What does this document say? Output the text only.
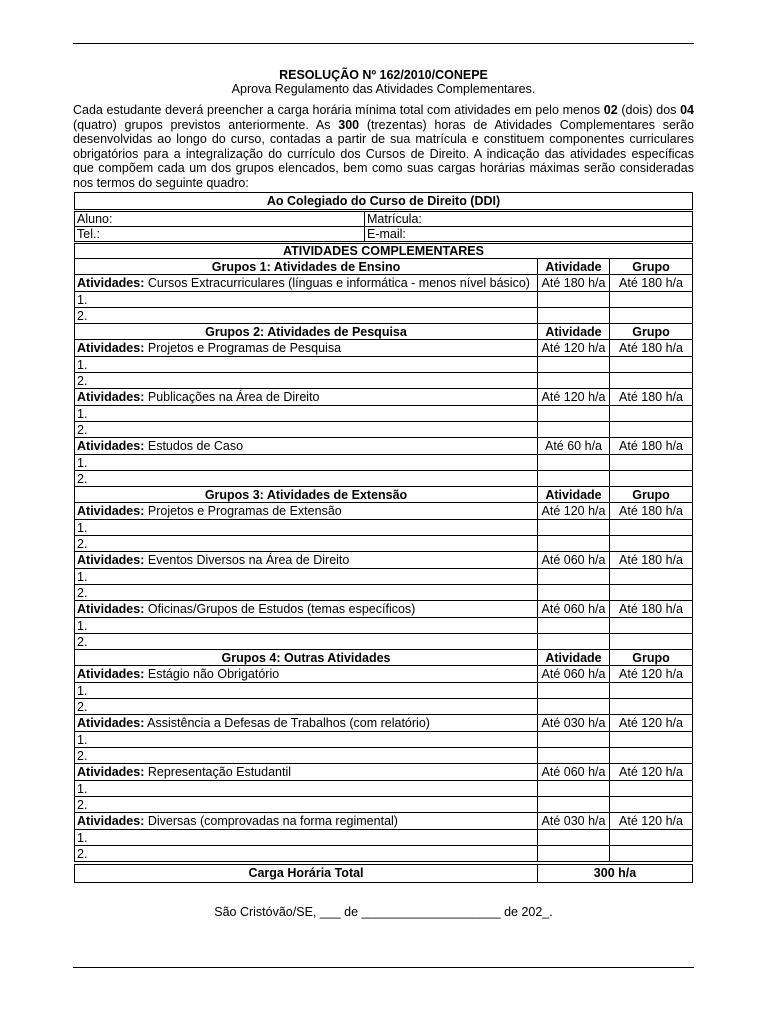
RESOLUÇÃO Nº 162/2010/CONEPE
Aprova Regulamento das Atividades Complementares.

Cada estudante deverá preencher a carga horária mínima total com atividades em pelo menos 02 (dois) dos 04 (quatro) grupos previstos anteriormente. As 300 (trezentas) horas de Atividades Complementares serão desenvolvidas ao longo do curso, contadas a partir de sua matrícula e constituem componentes curriculares obrigatórios para a integralização do currículo dos Cursos de Direito. A indicação das atividades específicas que compõem cada um dos grupos elencados, bem como suas cargas horárias máximas serão consideradas nos termos do seguinte quadro:

Ao Colegiado do Curso de Direito (DDI)
Aluno:	Matrícula:
Tel.:	E-mail:
ATIVIDADES COMPLEMENTARES		
Grupos 1: Atividades de Ensino	Atividade	Grupo
Atividades: Cursos Extracurriculares (línguas e informática - menos nível básico)	Até 180 h/a	Até 180 h/a
1.		
2.		
Grupos 2: Atividades de Pesquisa	Atividade	Grupo
Atividades: Projetos e Programas de Pesquisa	Até 120 h/a	Até 180 h/a
1.		
2.		
Atividades: Publicações na Área de Direito	Até 120 h/a	Até 180 h/a
1.		
2.		
Atividades: Estudos de Caso	Até 60 h/a	Até 180 h/a
1.		
2.		
Grupos 3: Atividades de Extensão	Atividade	Grupo
Atividades: Projetos e Programas de Extensão	Até 120 h/a	Até 180 h/a
1.		
2.		
Atividades: Eventos Diversos na Área de Direito	Até 060 h/a	Até 180 h/a
1.		
2.		
Atividades: Oficinas/Grupos de Estudos (temas específicos)	Até 060 h/a	Até 180 h/a
1.		
2.		
Grupos 4: Outras Atividades	Atividade	Grupo
Atividades: Estágio não Obrigatório	Até 060 h/a	Até 120 h/a
1.		
2.		
Atividades: Assistência a Defesas de Trabalhos (com relatório)	Até 030 h/a	Até 120 h/a
1.		
2.		
Atividades: Representação Estudantil	Até 060 h/a	Até 120 h/a
1.		
2.		
Atividades: Diversas (comprovadas na forma regimental)	Até 030 h/a	Até 120 h/a
1.		
2.		
Carga Horária Total	300 h/a
São Cristóvão/SE, ___ de ____________________ de 202_.
